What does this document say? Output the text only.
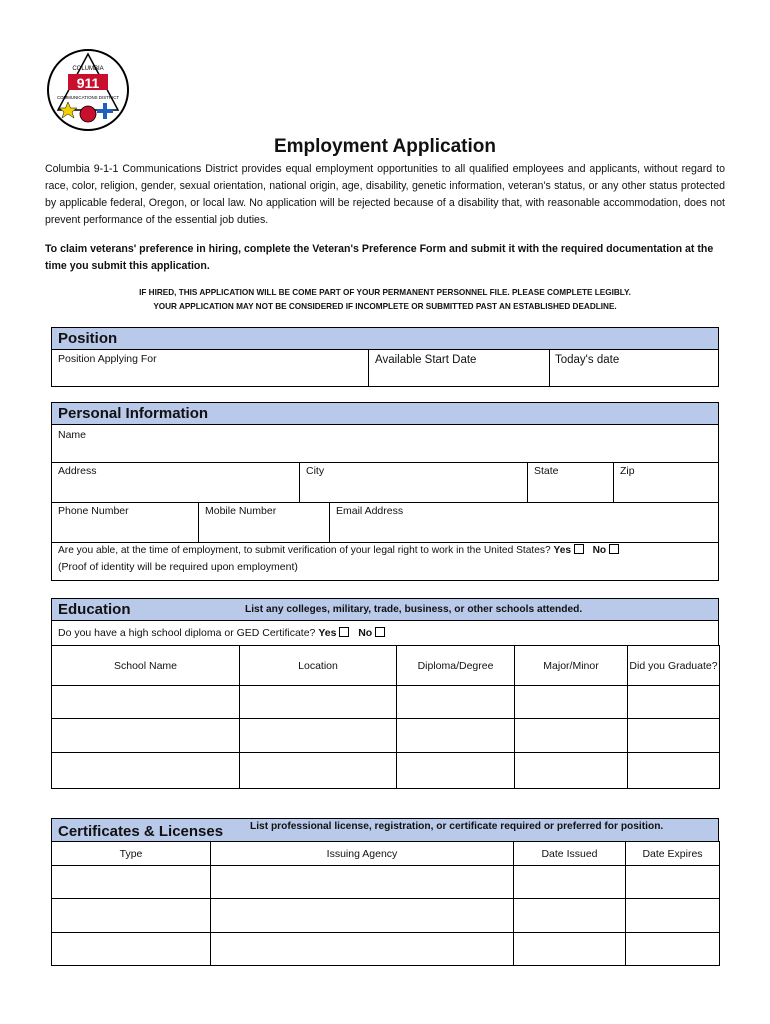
COLUMBIA
911
COMMUNICATIONS DISTRICT
Employment Application
Columbia 9-1-1 Communications District provides equal employment opportunities to all qualified employees and applicants, without regard to race, color, religion, gender, sexual orientation, national origin, age, disability, genetic information, veteran's status, or any other status protected by applicable federal, Oregon, or local law. No application will be rejected because of a disability that, with reasonable accommodation, does not prevent performance of the essential job duties.
To claim veterans' preference in hiring, complete the Veteran's Preference Form and submit it with the required documentation at the time you submit this application.
IF HIRED, THIS APPLICATION WILL BE COME PART OF YOUR PERMANENT PERSONNEL FILE. PLEASE COMPLETE LEGIBLY.
YOUR APPLICATION MAY NOT BE CONSIDERED IF INCOMPLETE OR SUBMITTED PAST AN ESTABLISHED DEADLINE.
Position
Position Applying For	Available Start Date	Today's date
Personal Information
Name
Address	City	State	Zip
Phone Number	Mobile Number	Email Address
Are you able, at the time of employment, to submit verification of your legal right to work in the United States? Yes No
(Proof of identity will be required upon employment)
Education	List any colleges, military, trade, business, or other schools attended.
Do you have a high school diploma or GED Certificate? Yes No
School Name	Location	Diploma/Degree	Major/Minor	Did you Graduate?

Certificates & Licenses	List professional license, registration, or certificate required or preferred for position.
Type	Issuing Agency	Date Issued	Date Expires
